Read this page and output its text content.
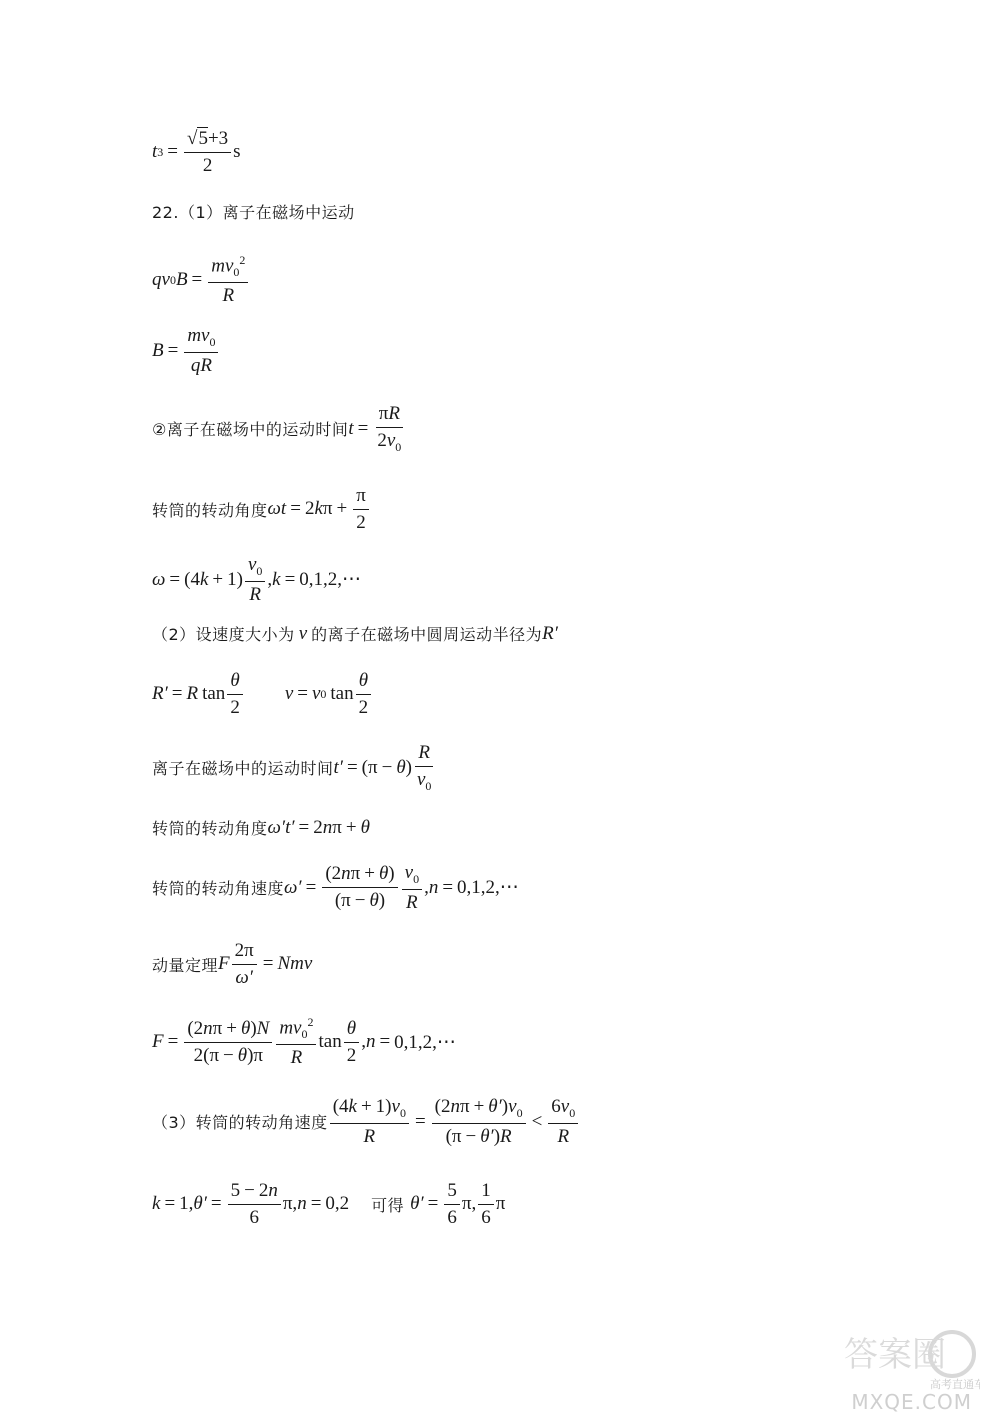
t $3 = \frac{√5+3}{2}$ s
22.（1）离子在磁场中运动
qv 0 $B = \frac{mv_0^2}{R}$
$B = \frac{mv_0}{qR}$
②离子在磁场中的运动时间 $t = \frac{\pi R}{2v_0}$
转筒的转动角度 ωt = 2 k $\pi + \frac{\pi}{2}$
ω = (4 $k + 1) \frac{v_0}{R}$ , k = 0,1,2,⋯
（2）设速度大小为 v 的离子在磁场中圆周运动半径为 R′
R′ = R $\tan \frac{\theta}{2}$ v = v 0 $\tan \frac{\theta}{2}$
离子在磁场中的运动时间 t′ = (π − θ ) $\frac{R}{v_0}$
转筒的转动角度 ω′t′ = 2 n π + θ
转筒的转动角速度 $\omega' = \frac{(2n\pi + \theta)}{(\pi - \theta)} \frac{v_0}{R}$ , n = 0,1,2,⋯
动量定理 F $\frac{2\pi}{\omega'}$ = Nmv
$F = \frac{(2n\pi + \theta)N}{2(\pi - \theta)\pi} \frac{mv_0^2}{R}$ $\tan \frac{\theta}{2}$ , n = 0,1,2,⋯
（3）转筒的转动角速度 $\frac{(4k + 1)v_0}{R} = \frac{(2n\pi + \theta')v_0}{(\pi - \theta')R} < \frac{6v_0}{R}$
k = 1, $\theta' = \frac{5 - 2n}{6} \pi$, n = 0,2 可得 $\theta' = \frac{5}{6} \pi$, $\frac{1}{6}$ π
答案圈
高考直通车
MXQE.COM
